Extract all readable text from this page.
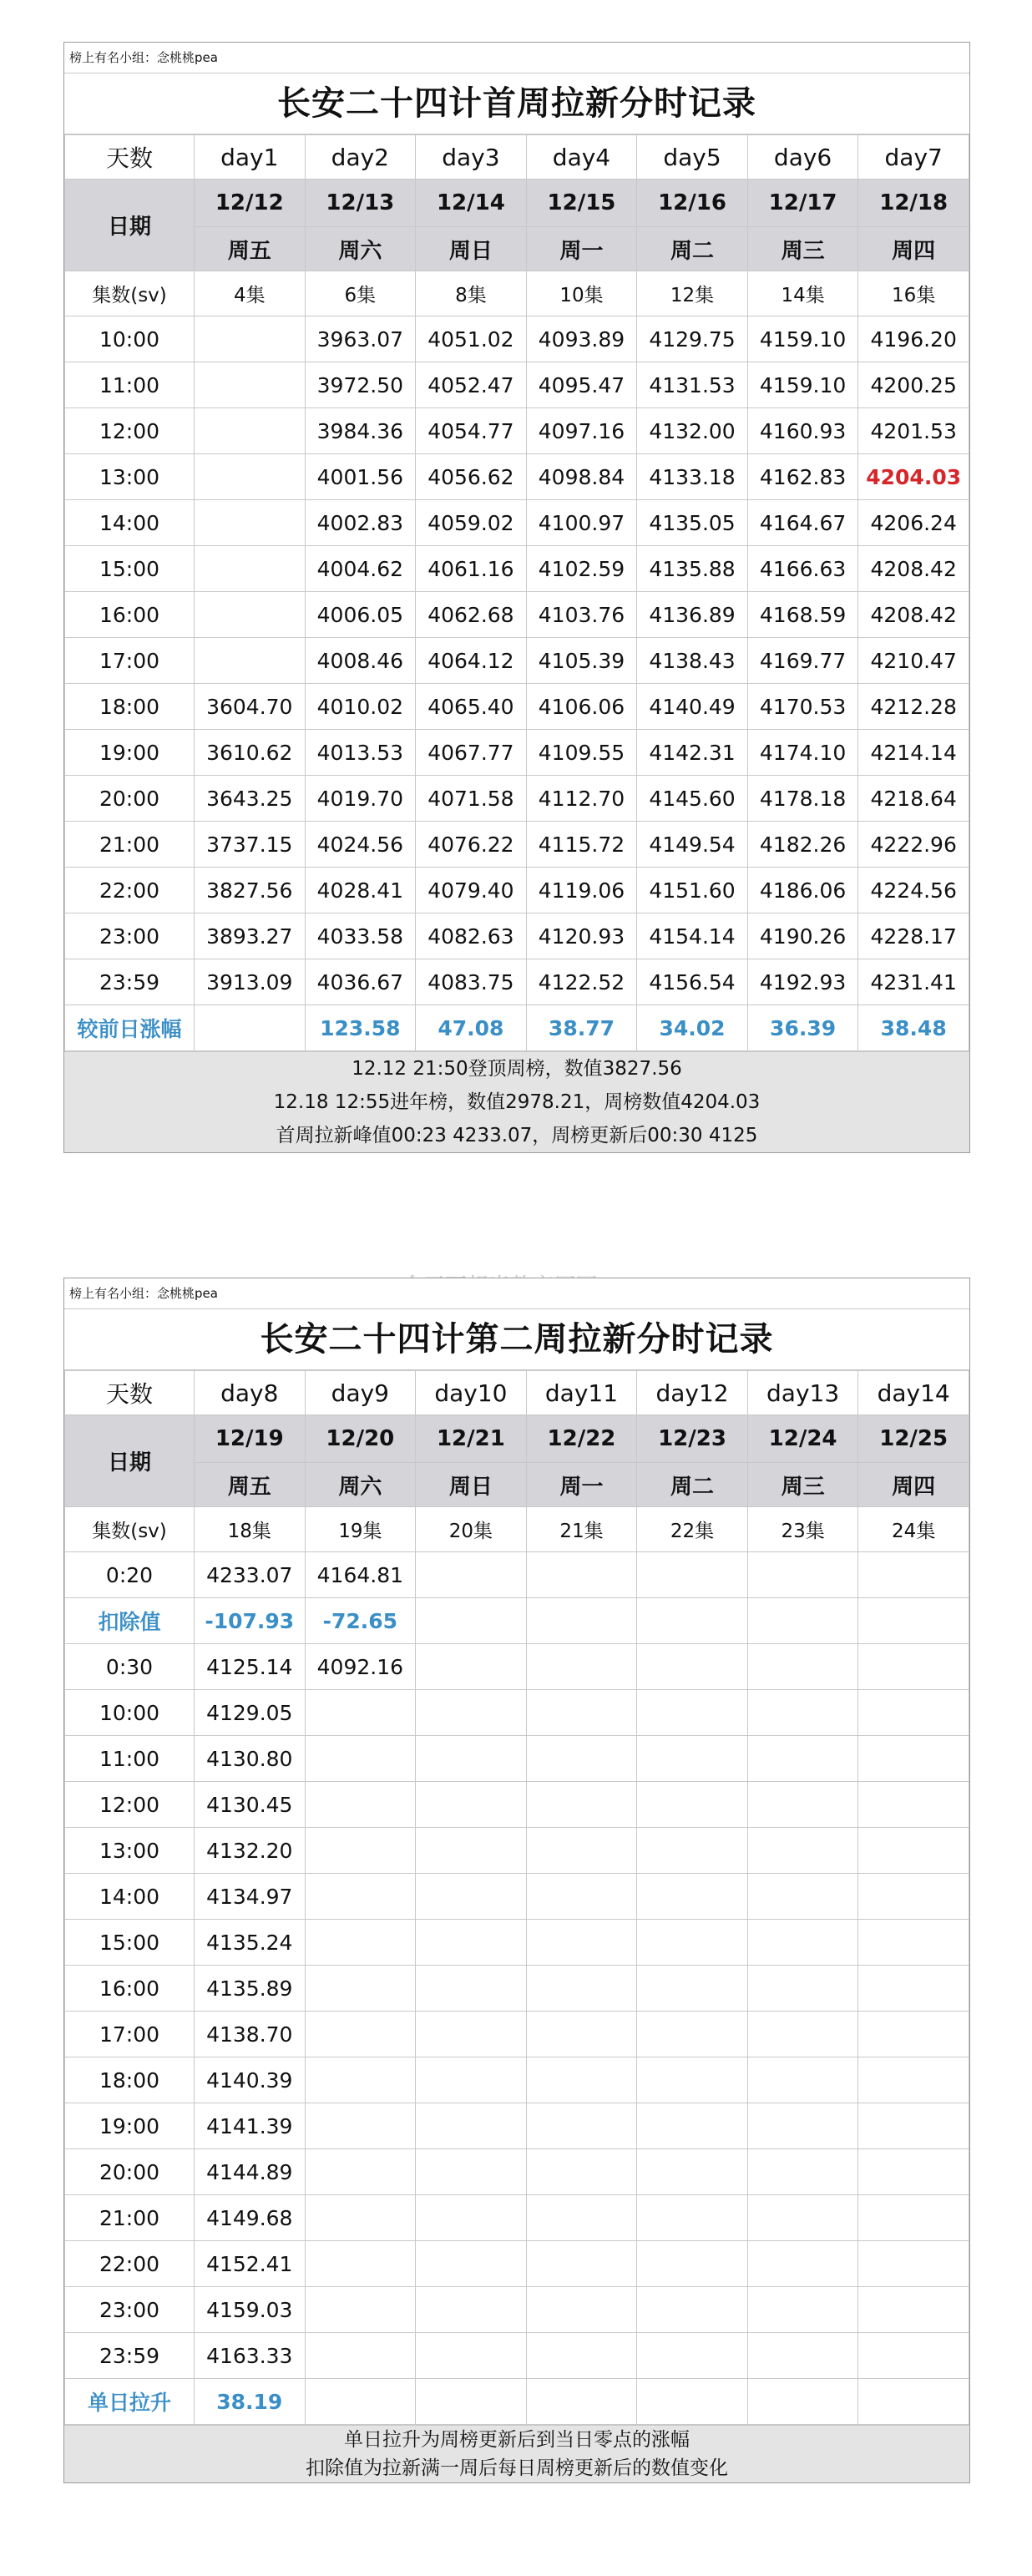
榜上有名小组：念桃桃pea
长安二十四计首周拉新分时记录
天数	day1	day2	day3	day4	day5	day6	day7
日期	12/12	12/13	12/14	12/15	12/16	12/17	12/18
	周五	周六	周日	周一	周二	周三	周四
集数(sv)	4集	6集	8集	10集	12集	14集	16集
10:00		3963.07	4051.02	4093.89	4129.75	4159.10	4196.20
11:00		3972.50	4052.47	4095.47	4131.53	4159.10	4200.25
12:00		3984.36	4054.77	4097.16	4132.00	4160.93	4201.53
13:00		4001.56	4056.62	4098.84	4133.18	4162.83	4204.03
14:00		4002.83	4059.02	4100.97	4135.05	4164.67	4206.24
15:00		4004.62	4061.16	4102.59	4135.88	4166.63	4208.42
16:00		4006.05	4062.68	4103.76	4136.89	4168.59	4208.42
17:00		4008.46	4064.12	4105.39	4138.43	4169.77	4210.47
18:00	3604.70	4010.02	4065.40	4106.06	4140.49	4170.53	4212.28
19:00	3610.62	4013.53	4067.77	4109.55	4142.31	4174.10	4214.14
20:00	3643.25	4019.70	4071.58	4112.70	4145.60	4178.18	4218.64
21:00	3737.15	4024.56	4076.22	4115.72	4149.54	4182.26	4222.96
22:00	3827.56	4028.41	4079.40	4119.06	4151.60	4186.06	4224.56
23:00	3893.27	4033.58	4082.63	4120.93	4154.14	4190.26	4228.17
23:59	3913.09	4036.67	4083.75	4122.52	4156.54	4192.93	4231.41
较前日涨幅		123.58	47.08	38.77	34.02	36.39	38.48
12.12 21:50登顶周榜，数值3827.56
12.18 12:55进年榜，数值2978.21，周榜数值4204.03
首周拉新峰值00:23 4233.07，周榜更新后00:30 4125
榜上有名小组：念桃桃pea
长安二十四计第二周拉新分时记录
天数	day8	day9	day10	day11	day12	day13	day14
日期	12/19	12/20	12/21	12/22	12/23	12/24	12/25
	周五	周六	周日	周一	周二	周三	周四
集数(sv)	18集	19集	20集	21集	22集	23集	24集
0:20	4233.07	4164.81					
扣除值	-107.93	-72.65					
0:30	4125.14	4092.16					
10:00	4129.05						
11:00	4130.80						
12:00	4130.45						
13:00	4132.20						
14:00	4134.97						
15:00	4135.24						
16:00	4135.89						
17:00	4138.70						
18:00	4140.39						
19:00	4141.39						
20:00	4144.89						
21:00	4149.68						
22:00	4152.41						
23:00	4159.03						
23:59	4163.33						
单日拉升	38.19						
单日拉升为周榜更新后到当日零点的涨幅
扣除值为拉新满一周后每日周榜更新后的数值变化
